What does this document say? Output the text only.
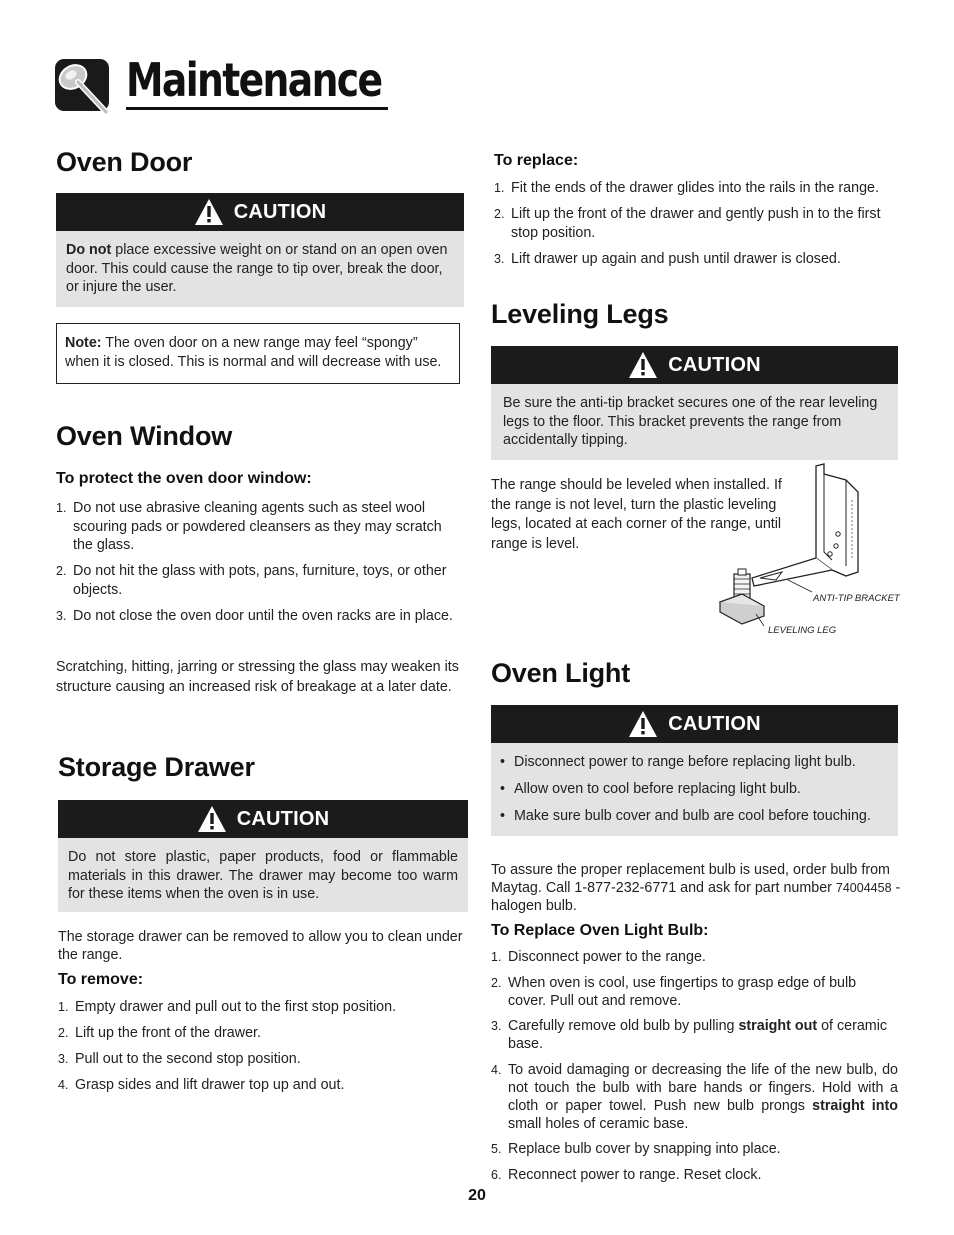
Maintenance
Oven Door
CAUTION
Do not place excessive weight on or stand on an open oven door. This could cause the range to tip over, break the door, or injure the user.
Note: The oven door on a new range may feel “spongy” when it is closed. This is normal and will decrease with use.
Oven Window
To protect the oven door window:
1. Do not use abrasive cleaning agents such as steel wool scouring pads or powdered cleansers as they may scratch the glass.
2. Do not hit the glass with pots, pans, furniture, toys, or other objects.
3. Do not close the oven door until the oven racks are in place.
Scratching, hitting, jarring or stressing the glass may weaken its structure causing an increased risk of breakage at a later date.
Storage Drawer
CAUTION
Do not store plastic, paper products, food or flammable materials in this drawer. The drawer may become too warm for these items when the oven is in use.
The storage drawer can be removed to allow you to clean under the range.
To remove:
1. Empty drawer and pull out to the first stop position.
2. Lift up the front of the drawer.
3. Pull out to the second stop position.
4. Grasp sides and lift drawer top up and out.
To replace:
1. Fit the ends of the drawer glides into the rails in the range.
2. Lift up the front of the drawer and gently push in to the first stop position.
3. Lift drawer up again and push until drawer is closed.
Leveling Legs
CAUTION
Be sure the anti-tip bracket secures one of the rear leveling legs to the floor. This bracket prevents the range from accidentally tipping.
The range should be leveled when installed. If the range is not level, turn the plastic leveling legs, located at each corner of the range, until range is level.
ANTI-TIP BRACKET
LEVELING LEG
Oven Light
CAUTION
• Disconnect power to range before replacing light bulb.
• Allow oven to cool before replacing light bulb.
• Make sure bulb cover and bulb are cool before touching.
To assure the proper replacement bulb is used, order bulb from Maytag. Call 1-877-232-6771 and ask for part number 74004458 - halogen bulb.
To Replace Oven Light Bulb:
1. Disconnect power to the range.
2. When oven is cool, use fingertips to grasp edge of bulb cover. Pull out and remove.
3. Carefully remove old bulb by pulling straight out of ceramic base.
4. To avoid damaging or decreasing the life of the new bulb, do not touch the bulb with bare hands or fingers. Hold with a cloth or paper towel. Push new bulb prongs straight into small holes of ceramic base.
5. Replace bulb cover by snapping into place.
6. Reconnect power to range. Reset clock.
20
